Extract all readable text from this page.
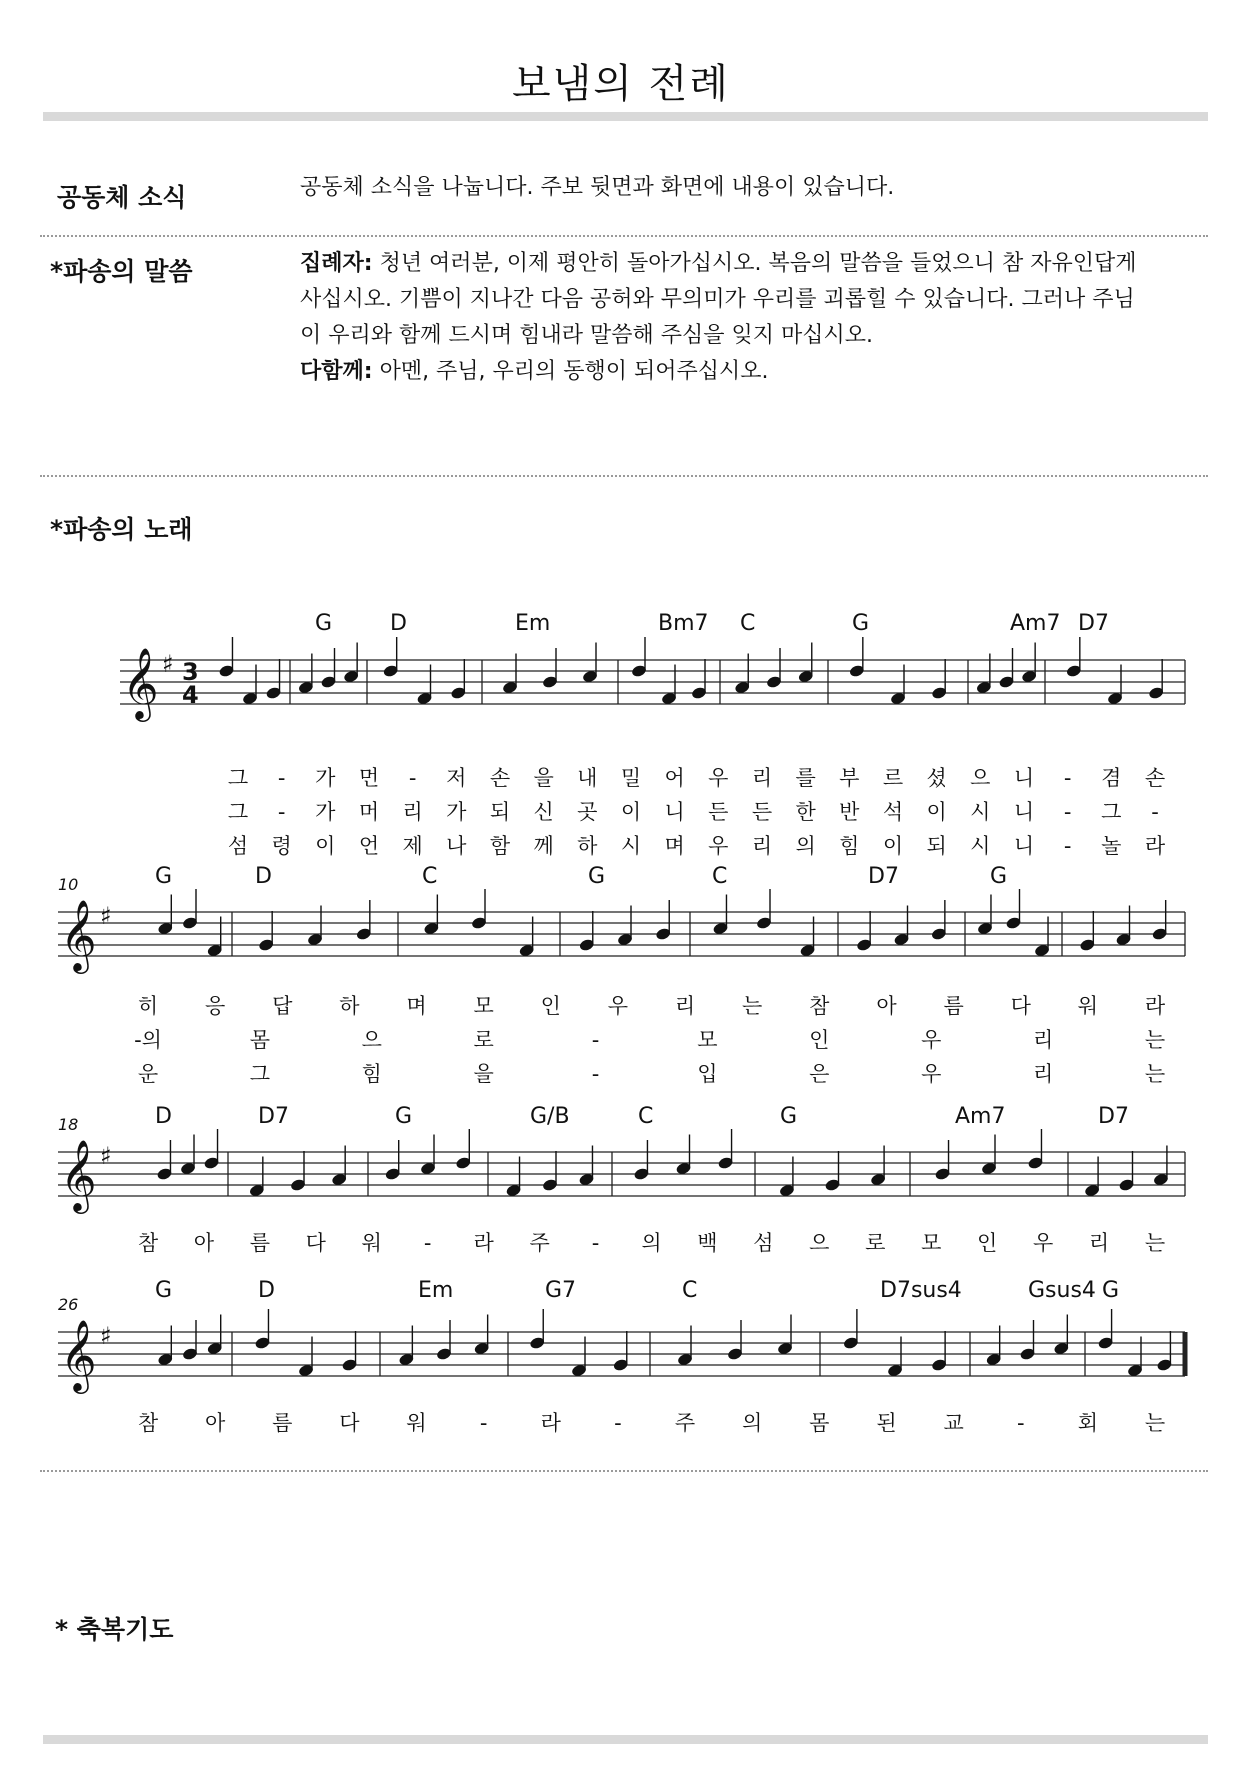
보냄의 전례
공동체 소식	공동체 소식을 나눕니다. 주보 뒷면과 화면에 내용이 있습니다.
*파송의 말씀	집례자: 청년 여러분, 이제 평안히 돌아가십시오. 복음의 말씀을 들었으니 참 자유인답게
사십시오. 기쁨이 지나간 다음 공허와 무의미가 우리를 괴롭힐 수 있습니다. 그러나 주님
이 우리와 함께 드시며 힘내라 말씀해 주심을 잊지 마십시오.
다함께: 아멘, 주님, 우리의 동행이 되어주십시오.
*파송의 노래
𝄞 ♯ 3
4
G	D	Em	Bm7 C	G	Am7 D7
그 - 가 먼 - 저 손 을 내 밀 어 우 리 를 부 르 셨 으 니 - 겸 손
그 - 가 머 리 가 되 신 곳 이 니 든 든 한 반 석 이 시 니 - 그 -
섬 령 이 언 제 나 함 께 하 시 며 우 리 의 힘 이 되 시 니 - 놀 라
𝄞 ♯
10	G	D	C	G	C	D7	G
히 응 답 하 며 모 인 우 리 는 참 아 름 다 워 라
-의	몸	으	로	-	모	인	우	리	는
운	그	힘	을	-	입	은	우	리	는
𝄞 ♯
18	D	D7	G	G/B	C	G	Am7	D7
참 아 름 다 워 - 라 주 - 의 백 섬 으 로 모 인 우 리 는
𝄞 ♯
26
G	D	Em	G7	C	D7sus4	Gsus4 G
참 아 름 다 워	-	라	-	주 의 몸 된 교	-	회 는
* 축복기도
